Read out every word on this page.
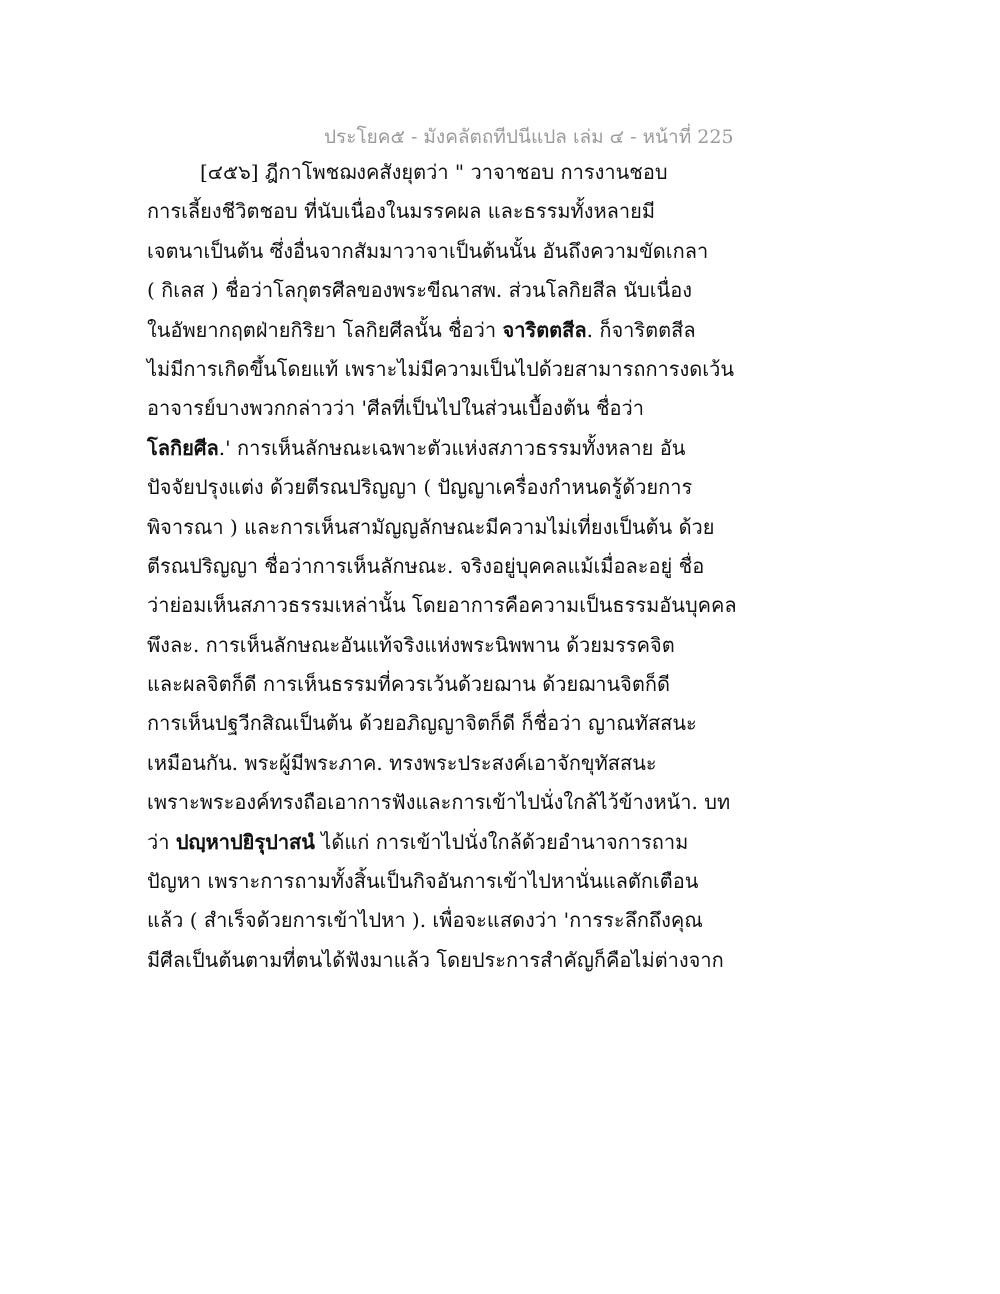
ประโยค๕ - มังคลัตถทีปนีแปล เล่ม ๔ - หน้าที่ 225
[๔๕๖] ฎีกาโพชฌงคสังยุตว่า " วาจาชอบ การงานชอบ
การเลี้ยงชีวิตชอบ ที่นับเนื่องในมรรคผล และธรรมทั้งหลายมี
เจตนาเป็นต้น ซึ่งอื่นจากสัมมาวาจาเป็นต้นนั้น อันถึงความขัดเกลา
( กิเลส ) ชื่อว่าโลกุตรศีลของพระขีณาสพ. ส่วนโลกิยสีล นับเนื่อง
ในอัพยากฤตฝ่ายกิริยา โลกิยศีลนั้น ชื่อว่า จาริตตสีล. ก็จาริตตสีล
ไม่มีการเกิดขึ้นโดยแท้ เพราะไม่มีความเป็นไปด้วยสามารถการงดเว้น
อาจารย์บางพวกกล่าวว่า 'ศีลที่เป็นไปในส่วนเบื้องต้น ชื่อว่า
โลกิยศีล.' การเห็นลักษณะเฉพาะตัวแห่งสภาวธรรมทั้งหลาย อัน
ปัจจัยปรุงแต่ง ด้วยตีรณปริญญา ( ปัญญาเครื่องกำหนดรู้ด้วยการ
พิจารณา ) และการเห็นสามัญญลักษณะมีความไม่เที่ยงเป็นต้น ด้วย
ตีรณปริญญา ชื่อว่าการเห็นลักษณะ. จริงอยู่บุคคลแม้เมื่อละอยู่ ชื่อ
ว่าย่อมเห็นสภาวธรรมเหล่านั้น โดยอาการคือความเป็นธรรมอันบุคคล
พึงละ. การเห็นลักษณะอันแท้จริงแห่งพระนิพพาน ด้วยมรรคจิต
และผลจิตก็ดี การเห็นธรรมที่ควรเว้นด้วยฌาน ด้วยฌานจิตก็ดี
การเห็นปฐวีกสิณเป็นต้น ด้วยอภิญญาจิตก็ดี ก็ชื่อว่า ญาณทัสสนะ
เหมือนกัน. พระผู้มีพระภาค. ทรงพระประสงค์เอาจักขุทัสสนะ
เพราะพระองค์ทรงถือเอาการฟังและการเข้าไปนั่งใกล้ไว้ข้างหน้า. บท
ว่า ปญฺหาปยิรุปาสนํ ได้แก่ การเข้าไปนั่งใกล้ด้วยอำนาจการถาม
ปัญหา เพราะการถามทั้งสิ้นเป็นกิจอันการเข้าไปหานั่นแลตักเตือน
แล้ว ( สำเร็จด้วยการเข้าไปหา ). เพื่อจะแสดงว่า 'การระลึกถึงคุณ
มีศีลเป็นต้นตามที่ตนได้ฟังมาแล้ว โดยประการสำคัญก็คือไม่ต่างจาก
